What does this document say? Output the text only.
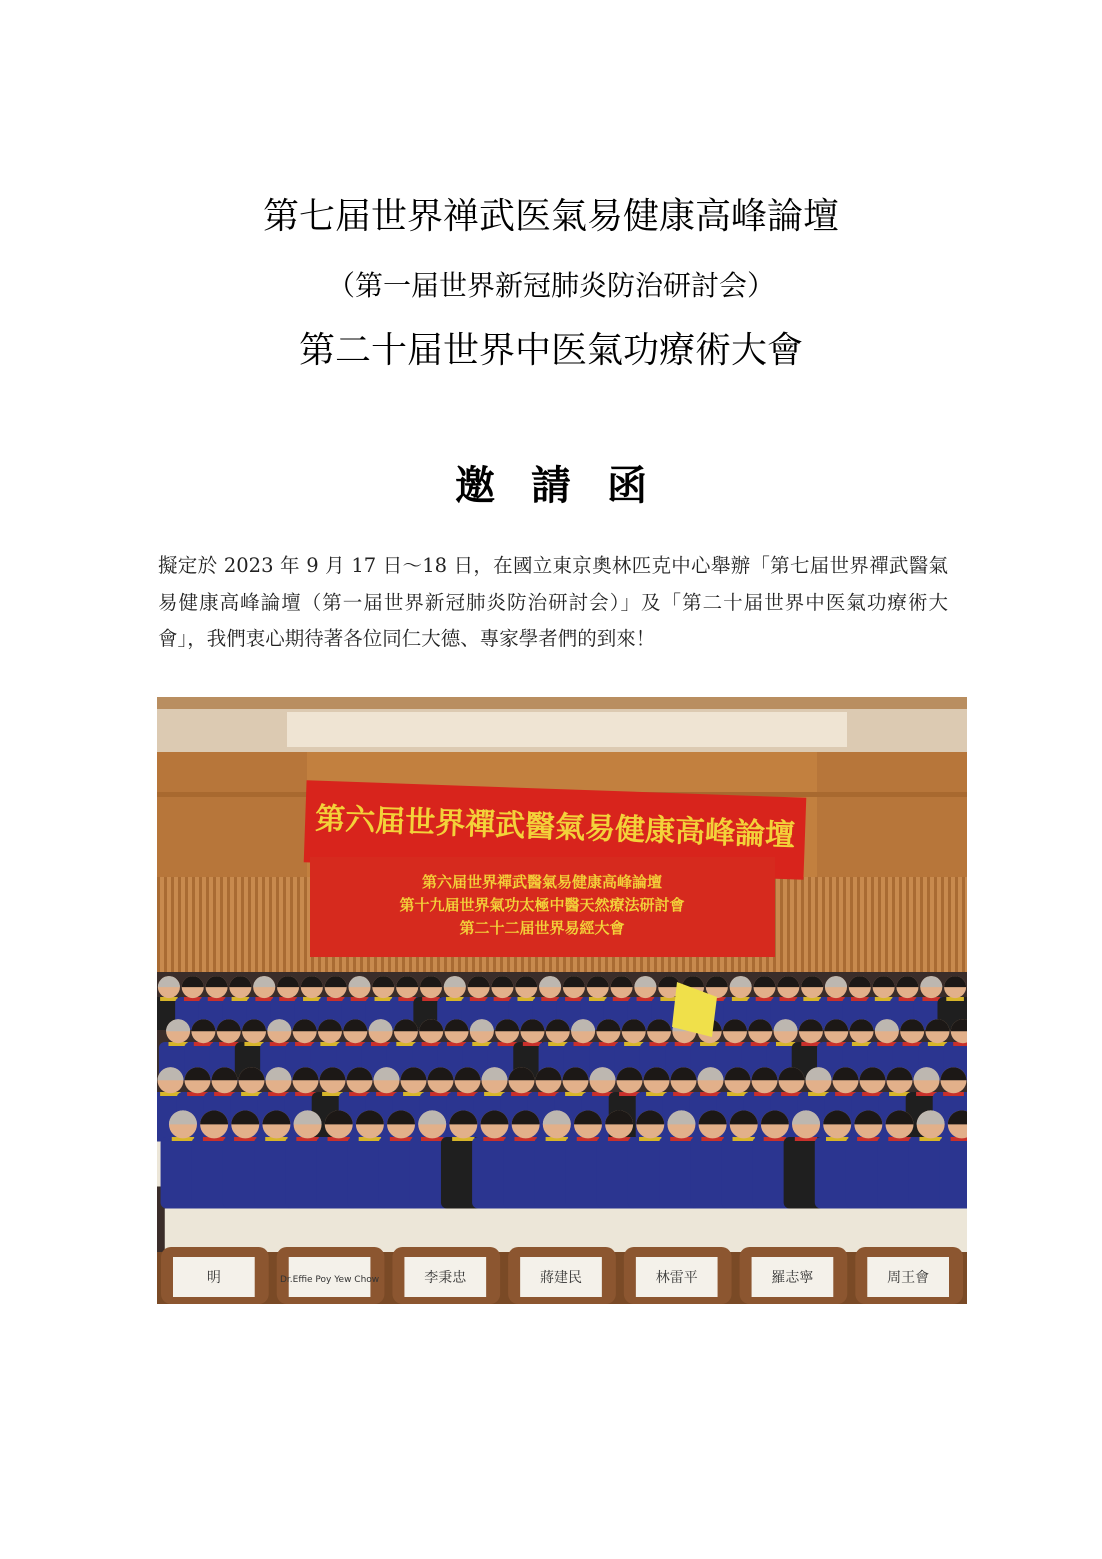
第七届世界禅武医氣易健康高峰論壇
（第一届世界新冠肺炎防治研討会）
第二十届世界中医氣功療術大會
邀請函
擬定於 2023 年 9 月 17 日～18 日，在國立東京奧林匹克中心舉辦「第七届世界禪武醫氣易健康高峰論壇（第一届世界新冠肺炎防治研討会）」及「第二十届世界中医氣功療術大會」，我們衷心期待著各位同仁大德、專家學者們的到來！
第六届世界禪武醫氣易健康高峰論壇
第六届世界禪武醫氣易健康高峰論壇
第十九届世界氣功太極中醫天然療法研討會
第二十二届世界易經大會
明	Dr.Effie Poy Yew Chow	李秉忠	蔣建民	林雷平	羅志寧	周王會
